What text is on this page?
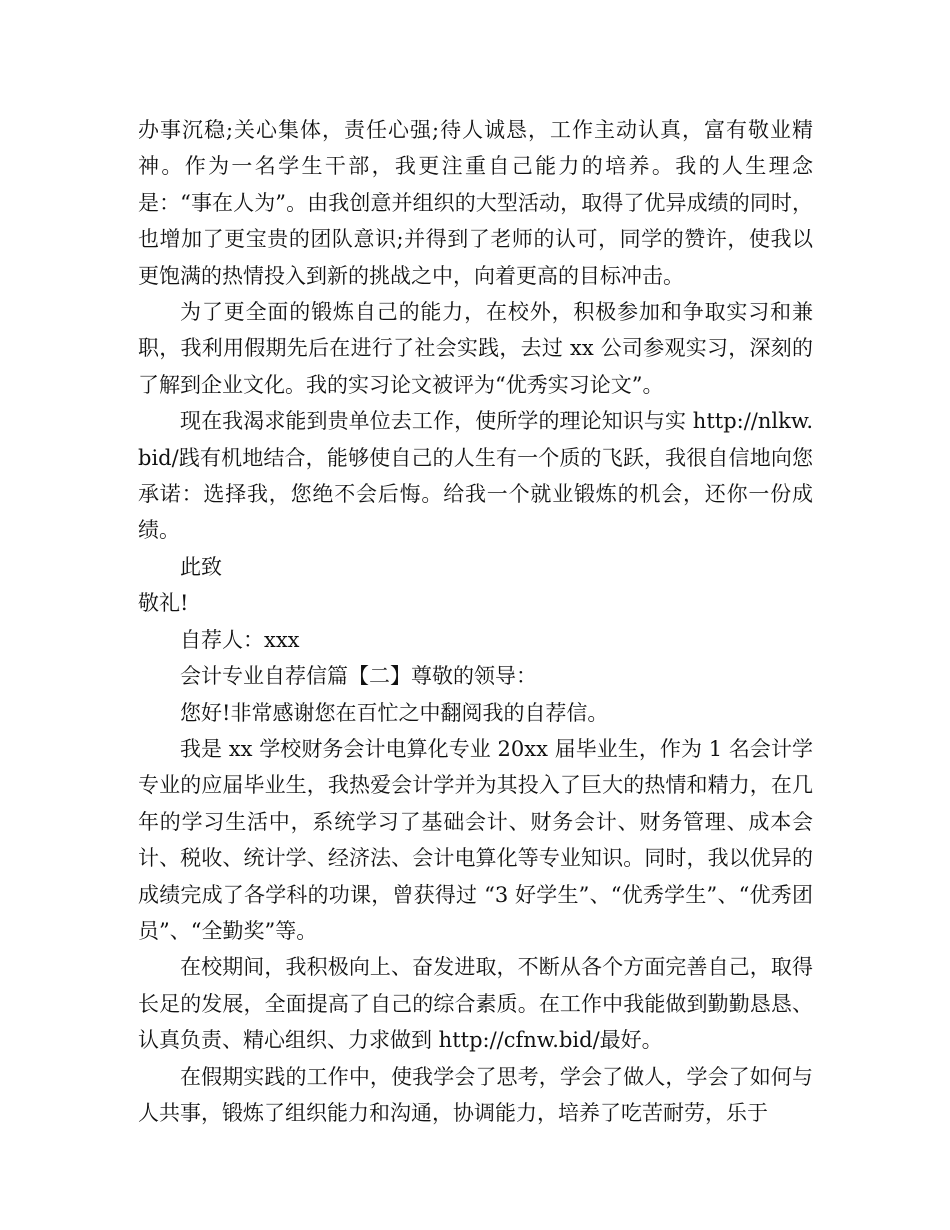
办事沉稳;关心集体，责任心强;待人诚恳，工作主动认真，富有敬业精神。作为一名学生干部，我更注重自己能力的培养。我的人生理念是：“事在人为”。由我创意并组织的大型活动，取得了优异成绩的同时，也增加了更宝贵的团队意识;并得到了老师的认可，同学的赞许，使我以更饱满的热情投入到新的挑战之中，向着更高的目标冲击。

为了更全面的锻炼自己的能力，在校外，积极参加和争取实习和兼职，我利用假期先后在进行了社会实践，去过 xx 公司参观实习，深刻的了解到企业文化。我的实习论文被评为“优秀实习论文”。

现在我渴求能到贵单位去工作，使所学的理论知识与实 http://nlkw.bid/践有机地结合，能够使自己的人生有一个质的飞跃，我很自信地向您承诺：选择我，您绝不会后悔。给我一个就业锻炼的机会，还你一份成绩。

此致

敬礼!

自荐人：xxx

会计专业自荐信篇【二】尊敬的领导：

您好!非常感谢您在百忙之中翻阅我的自荐信。

我是 xx 学校财务会计电算化专业 20xx 届毕业生，作为 1 名会计学专业的应届毕业生，我热爱会计学并为其投入了巨大的热情和精力，在几年的学习生活中，系统学习了基础会计、财务会计、财务管理、成本会计、税收、统计学、经济法、会计电算化等专业知识。同时，我以优异的成绩完成了各学科的功课，曾获得过 “3 好学生”、“优秀学生”、“优秀团员”、“全勤奖”等。

在校期间，我积极向上、奋发进取，不断从各个方面完善自己，取得长足的发展，全面提高了自己的综合素质。在工作中我能做到勤勤恳恳、认真负责、精心组织、力求做到 http://cfnw.bid/最好。

在假期实践的工作中，使我学会了思考，学会了做人，学会了如何与人共事，锻炼了组织能力和沟通，协调能力，培养了吃苦耐劳，乐于
